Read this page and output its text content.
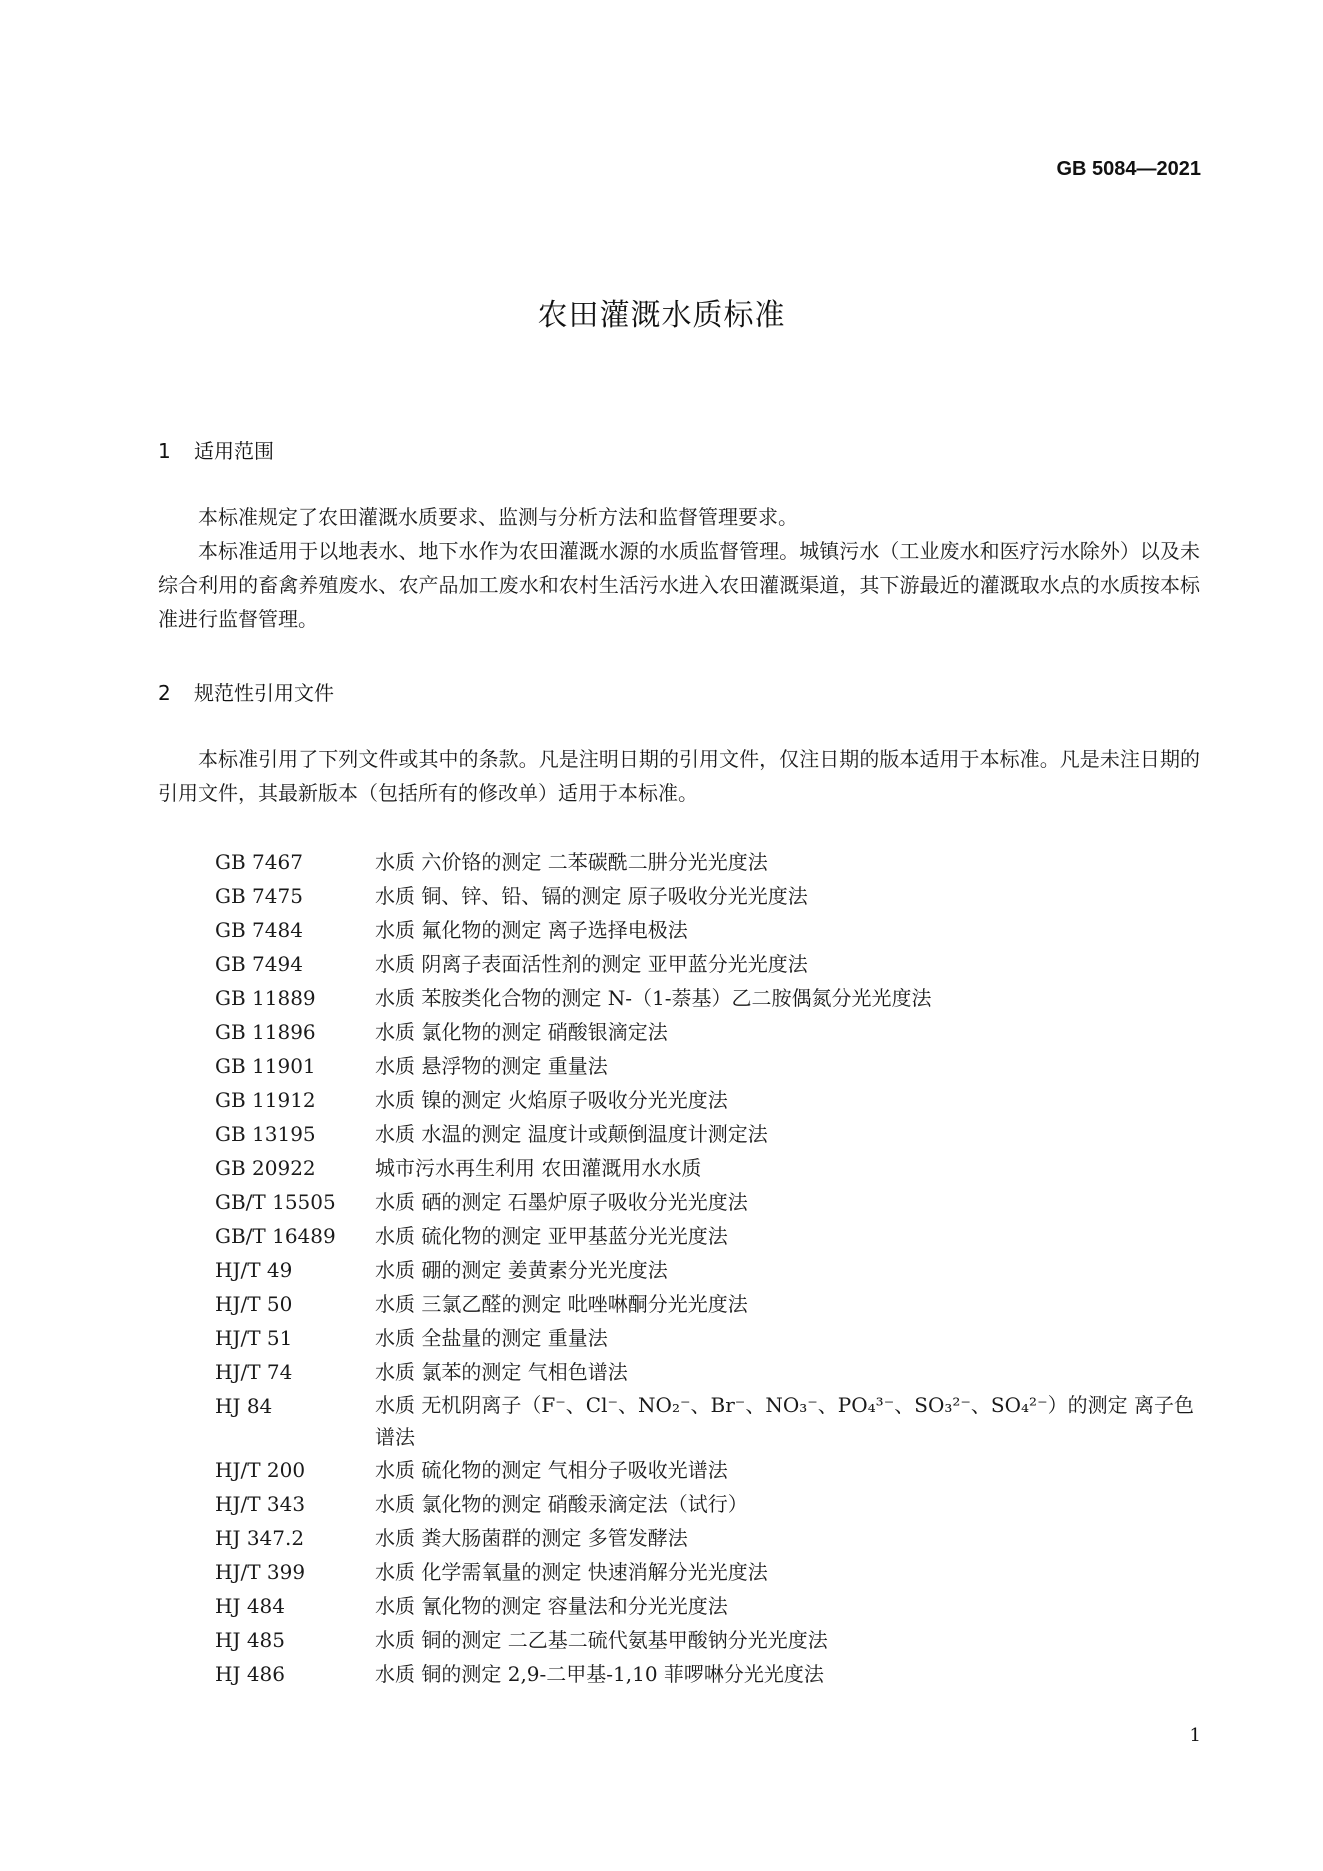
GB 5084—2021
农田灌溉水质标准
1 适用范围

本标准规定了农田灌溉水质要求、监测与分析方法和监督管理要求。

本标准适用于以地表水、地下水作为农田灌溉水源的水质监督管理。城镇污水（工业废水和医疗污水除外）以及未综合利用的畜禽养殖废水、农产品加工废水和农村生活污水进入农田灌溉渠道，其下游最近的灌溉取水点的水质按本标准进行监督管理。

2 规范性引用文件

本标准引用了下列文件或其中的条款。凡是注明日期的引用文件，仅注日期的版本适用于本标准。凡是未注日期的引用文件，其最新版本（包括所有的修改单）适用于本标准。

GB 7467	水质 六价铬的测定 二苯碳酰二肼分光光度法
GB 7475	水质 铜、锌、铅、镉的测定 原子吸收分光光度法
GB 7484	水质 氟化物的测定 离子选择电极法
GB 7494	水质 阴离子表面活性剂的测定 亚甲蓝分光光度法
GB 11889	水质 苯胺类化合物的测定 N-（1-萘基）乙二胺偶氮分光光度法
GB 11896	水质 氯化物的测定 硝酸银滴定法
GB 11901	水质 悬浮物的测定 重量法
GB 11912	水质 镍的测定 火焰原子吸收分光光度法
GB 13195	水质 水温的测定 温度计或颠倒温度计测定法
GB 20922	城市污水再生利用 农田灌溉用水水质
GB/T 15505	水质 硒的测定 石墨炉原子吸收分光光度法
GB/T 16489	水质 硫化物的测定 亚甲基蓝分光光度法
HJ/T 49	水质 硼的测定 姜黄素分光光度法
HJ/T 50	水质 三氯乙醛的测定 吡唑啉酮分光光度法
HJ/T 51	水质 全盐量的测定 重量法
HJ/T 74	水质 氯苯的测定 气相色谱法
HJ 84	水质 无机阴离子（F⁻、Cl⁻、NO₂⁻、Br⁻、NO₃⁻、PO₄³⁻、SO₃²⁻、SO₄²⁻）的测定 离子色谱法
HJ/T 200	水质 硫化物的测定 气相分子吸收光谱法
HJ/T 343	水质 氯化物的测定 硝酸汞滴定法（试行）
HJ 347.2	水质 粪大肠菌群的测定 多管发酵法
HJ/T 399	水质 化学需氧量的测定 快速消解分光光度法
HJ 484	水质 氰化物的测定 容量法和分光光度法
HJ 485	水质 铜的测定 二乙基二硫代氨基甲酸钠分光光度法
HJ 486	水质 铜的测定 2,9-二甲基-1,10 菲啰啉分光光度法
1
